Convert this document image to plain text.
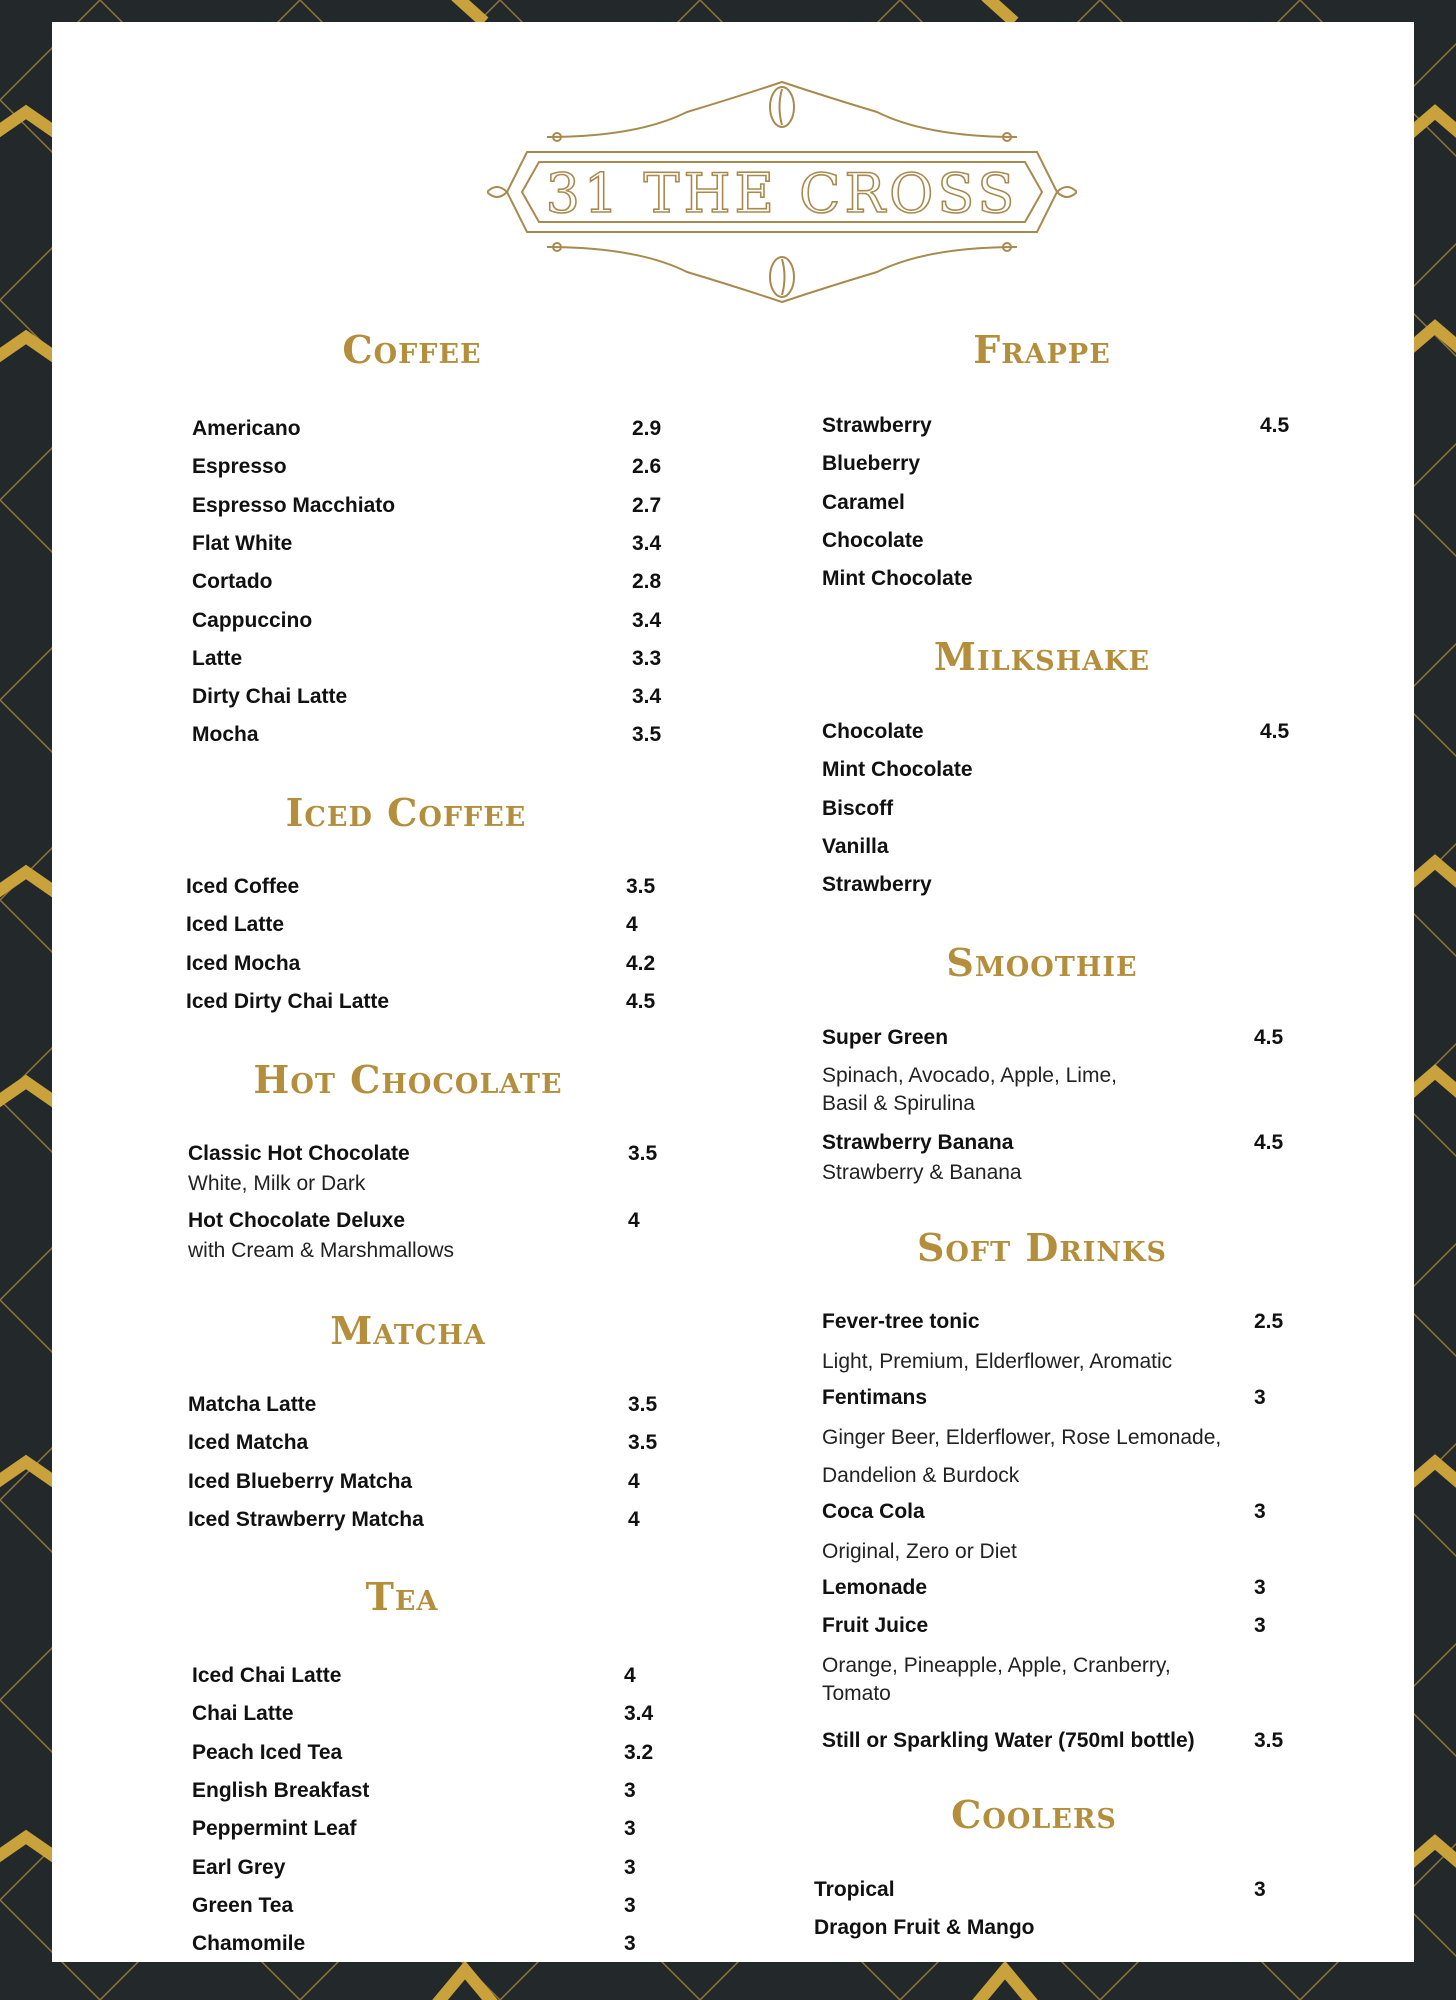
31 THE CROSS
Coffee
Americano	2.9
Espresso	2.6
Espresso Macchiato	2.7
Flat White	3.4
Cortado	2.8
Cappuccino	3.4
Latte	3.3
Dirty Chai Latte	3.4
Mocha	3.5
Iced Coffee
Iced Coffee	3.5
Iced Latte	4
Iced Mocha	4.2
Iced Dirty Chai Latte	4.5
Hot Chocolate
Classic Hot Chocolate	3.5
White, Milk or Dark
Hot Chocolate Deluxe	4
with Cream & Marshmallows
Matcha
Matcha Latte	3.5
Iced Matcha	3.5
Iced Blueberry Matcha	4
Iced Strawberry Matcha	4
Tea
Iced Chai Latte	4
Chai Latte	3.4
Peach Iced Tea	3.2
English Breakfast	3
Peppermint Leaf	3
Earl Grey	3
Green Tea	3
Chamomile	3
Frappe
Strawberry	4.5
Blueberry
Caramel
Chocolate
Mint Chocolate
Milkshake
Chocolate	4.5
Mint Chocolate
Biscoff
Vanilla
Strawberry
Smoothie
Super Green	4.5
Spinach, Avocado, Apple, Lime,
Basil & Spirulina
Strawberry Banana	4.5
Strawberry & Banana
Soft Drinks
Fever-tree tonic	2.5
Light, Premium, Elderflower, Aromatic
Fentimans	3
Ginger Beer, Elderflower, Rose Lemonade,
Dandelion & Burdock
Coca Cola	3
Original, Zero or Diet
Lemonade	3
Fruit Juice	3
Orange, Pineapple, Apple, Cranberry,
Tomato
Still or Sparkling Water (750ml bottle)	3.5
Coolers
Tropical	3
Dragon Fruit & Mango
